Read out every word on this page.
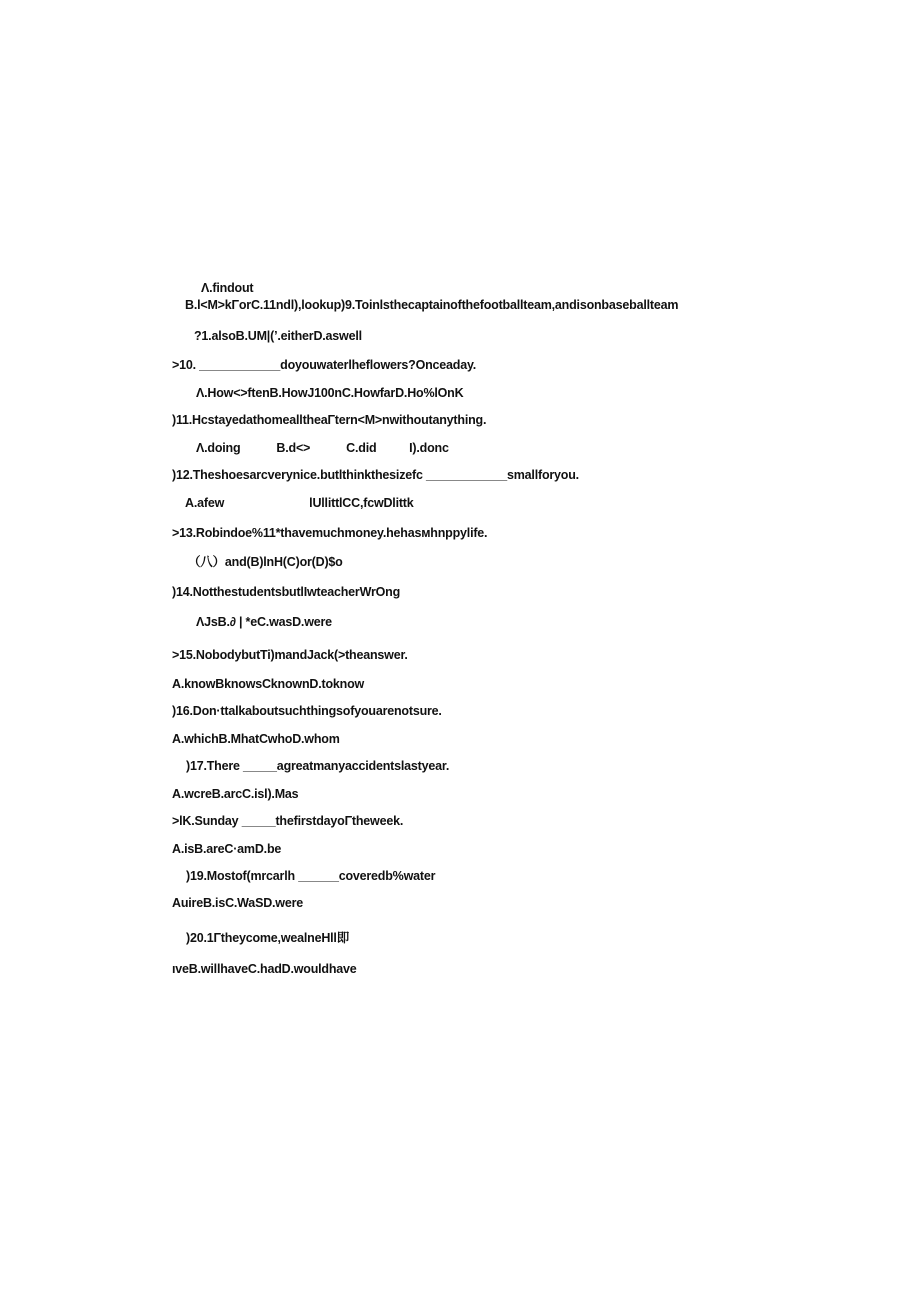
Λ.findout
B.l<M>kΓorC.11ndl),lookup)9.Toinlsthecaptainofthefootballteam,andisonbaseballteam
?1.alsoB.UM|(’.eitherD.aswell
>10. ____________doyouwaterlheflowers?Onceaday.
Λ.How<>ftenB.HowJ100nC.HowfarD.Ho%lOnK
)11.HcstayedathomealltheaΓtern<M>nwithoutanything.
Λ.doing           B.d<>           C.did          I).donc
)12.Theshoesarcverynice.butlthinkthesizefc ____________smallforyou.
A.afew                          lUllittlCC,fcwDlittk
>13.Robindoe%11*thavemuchmoney.hehasмhnppylife.
（八）and(B)lnH(C)or(D)$o
)14.NotthestudentsbutlIwteacherWrOng
ΛJsB.∂ | *eC.wasD.were
>15.NobodybutTi)mandJack(>theanswer.
A.knowBknowsCknownD.toknow
)16.Don·ttalkaboutsuchthingsofyouarenotsure.
A.whichB.MhatCwhoD.whom
)17.There _____agreatmanyaccidentslastyear.
A.wcreB.arcC.isl).Mas
>lK.Sunday _____thefirstdayoΓtheweek.
A.isB.areC·amD.be
)19.Mostof(mrcarlh ______coveredb%water
AuireB.isC.WaSD.were
)20.1Γtheycome,wealneHll即
ıveB.willhaveC.hadD.wouldhave
